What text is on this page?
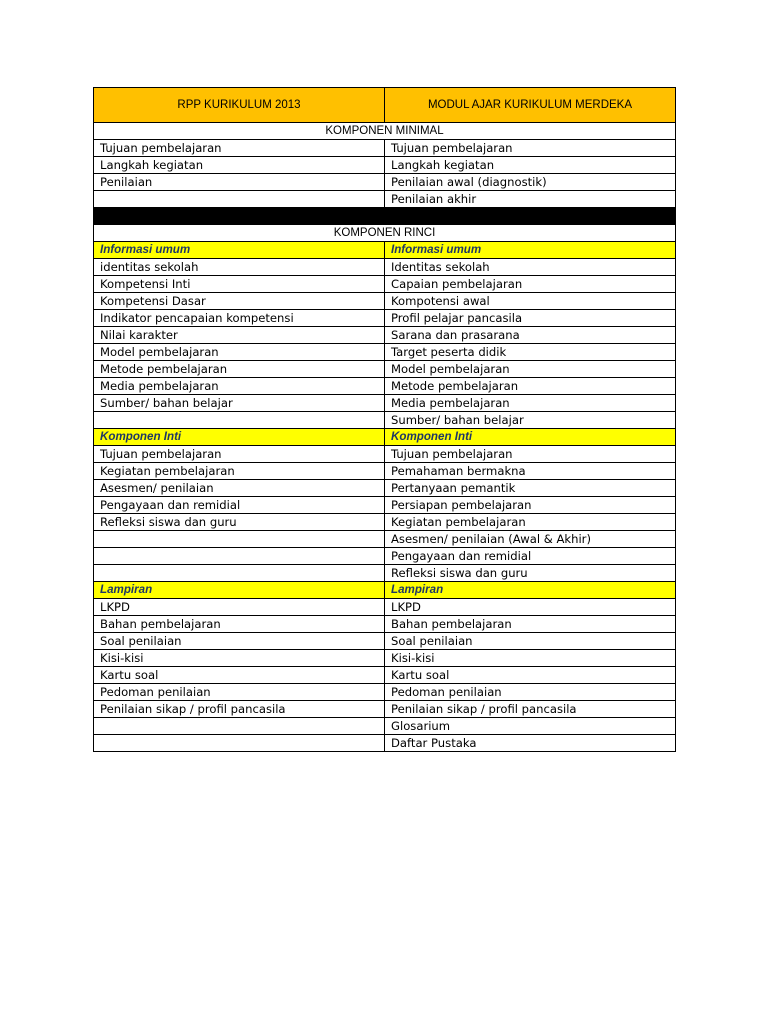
RPP KURIKULUM 2013	MODUL AJAR KURIKULUM MERDEKA
KOMPONEN MINIMAL	
Tujuan pembelajaran	Tujuan pembelajaran
Langkah kegiatan	Langkah kegiatan
Penilaian	Penilaian awal (diagnostik)
	Penilaian akhir

KOMPONEN RINCI	
Informasi umum	Informasi umum
identitas sekolah	Identitas sekolah
Kompetensi Inti	Capaian pembelajaran
Kompetensi Dasar	Kompotensi awal
Indikator pencapaian kompetensi	Profil pelajar pancasila
Nilai karakter	Sarana dan prasarana
Model pembelajaran	Target peserta didik
Metode pembelajaran	Model pembelajaran
Media pembelajaran	Metode pembelajaran
Sumber/ bahan belajar	Media pembelajaran
	Sumber/ bahan belajar
Komponen Inti	Komponen Inti
Tujuan pembelajaran	Tujuan pembelajaran
Kegiatan pembelajaran	Pemahaman bermakna
Asesmen/ penilaian	Pertanyaan pemantik
Pengayaan dan remidial	Persiapan pembelajaran
Refleksi siswa dan guru	Kegiatan pembelajaran
	Asesmen/ penilaian (Awal & Akhir)
	Pengayaan dan remidial
	Refleksi siswa dan guru
Lampiran	Lampiran
LKPD	LKPD
Bahan pembelajaran	Bahan pembelajaran
Soal penilaian	Soal penilaian
Kisi-kisi	Kisi-kisi
Kartu soal	Kartu soal
Pedoman penilaian	Pedoman penilaian
Penilaian sikap / profil pancasila	Penilaian sikap / profil pancasila
	Glosarium
	Daftar Pustaka
